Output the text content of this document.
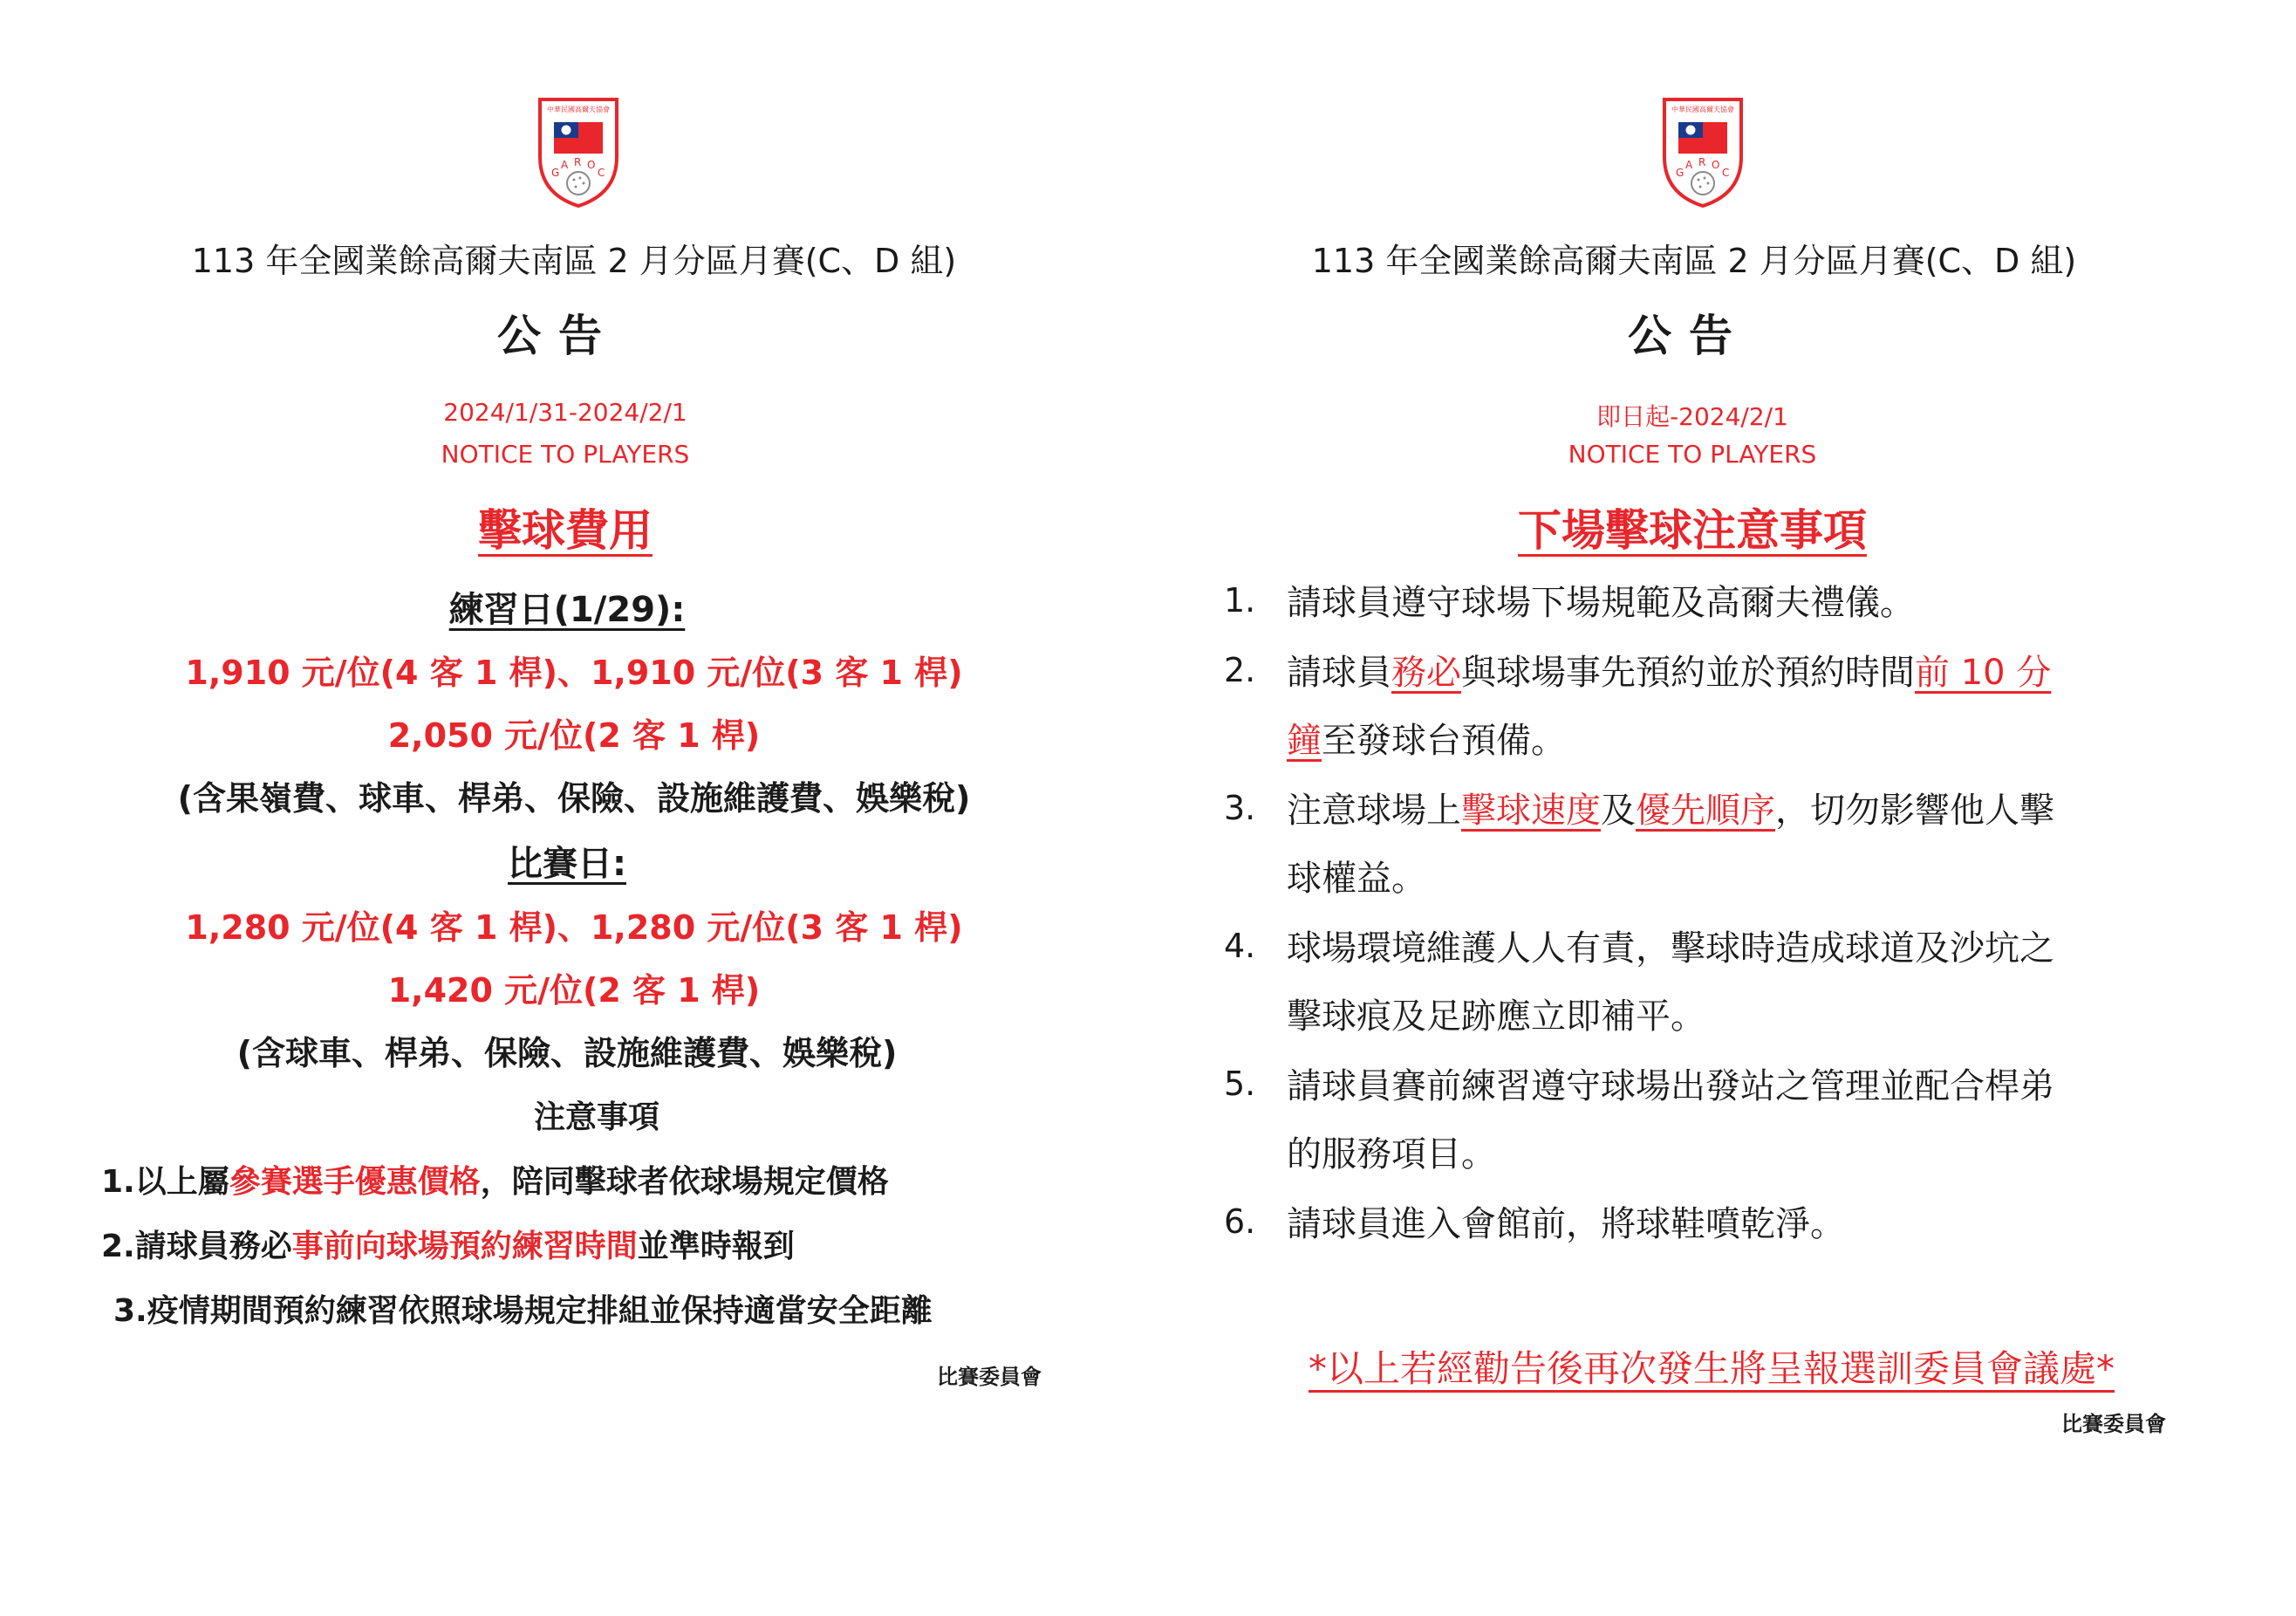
中華民國高爾夫協會
G
A R O
C
113 年全國業餘高爾夫南區 2 月分區月賽(C、D 組)
公告
2024/1/31-2024/2/1
NOTICE TO PLAYERS
擊球費用
練習日(1/29):
1,910 元/位(4 客 1 桿)、1,910 元/位(3 客 1 桿)
2,050 元/位(2 客 1 桿)
(含果嶺費、球車、桿弟、保險、設施維護費、娛樂稅)
比賽日:
1,280 元/位(4 客 1 桿)、1,280 元/位(3 客 1 桿)
1,420 元/位(2 客 1 桿)
(含球車、桿弟、保險、設施維護費、娛樂稅)
注意事項
1.以上屬參賽選手優惠價格，陪同擊球者依球場規定價格
2.請球員務必事前向球場預約練習時間並準時報到
3.疫情期間預約練習依照球場規定排組並保持適當安全距離
比賽委員會
中華民國高爾夫協會
G
A R O
C
113 年全國業餘高爾夫南區 2 月分區月賽(C、D 組)
公告
即日起-2024/2/1
NOTICE TO PLAYERS
下場擊球注意事項
1. 請球員遵守球場下場規範及高爾夫禮儀。
2. 請球員務必與球場事先預約並於預約時間前 10 分
鐘至發球台預備。
3. 注意球場上擊球速度及優先順序，切勿影響他人擊
球權益。
4. 球場環境維護人人有責，擊球時造成球道及沙坑之
擊球痕及足跡應立即補平。
5. 請球員賽前練習遵守球場出發站之管理並配合桿弟
的服務項目。
6. 請球員進入會館前，將球鞋噴乾淨。
*以上若經勸告後再次發生將呈報選訓委員會議處*
比賽委員會
